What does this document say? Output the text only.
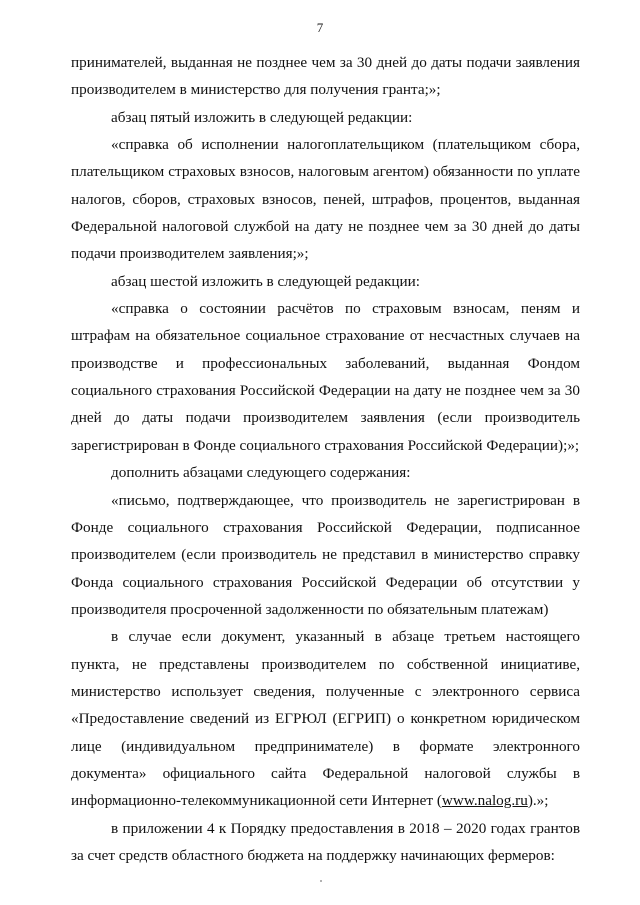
7

принимателей, выданная не позднее чем за 30 дней до даты подачи заявления производителем в министерство для получения гранта;»;

абзац пятый изложить в следующей редакции:

«справка об исполнении налогоплательщиком (плательщиком сбора, плательщиком страховых взносов, налоговым агентом) обязанности по уплате налогов, сборов, страховых взносов, пеней, штрафов, процентов, выданная Федеральной налоговой службой на дату не позднее чем за 30 дней до даты подачи производителем заявления;»;

абзац шестой изложить в следующей редакции:

«справка о состоянии расчётов по страховым взносам, пеням и штрафам на обязательное социальное страхование от несчастных случаев на производстве и профессиональных заболеваний, выданная Фондом социального страхования Российской Федерации на дату не позднее чем за 30 дней до даты подачи производителем заявления (если производитель зарегистрирован в Фонде социального страхования Российской Федерации);»;

дополнить абзацами следующего содержания:

«письмо, подтверждающее, что производитель не зарегистрирован в Фонде социального страхования Российской Федерации, подписанное производителем (если производитель не представил в министерство справку Фонда социального страхования Российской Федерации об отсутствии у производителя просроченной задолженности по обязательным платежам)

в случае если документ, указанный в абзаце третьем настоящего пункта, не представлены производителем по собственной инициативе, министерство использует сведения, полученные с электронного сервиса «Предоставление сведений из ЕГРЮЛ (ЕГРИП) о конкретном юридическом лице (индивидуальном предпринимателе) в формате электронного документа» официального сайта Федеральной налоговой службы в информационно-телекоммуникационной сети Интернет (www.nalog.ru).»;

в приложении 4 к Порядку предоставления в 2018 – 2020 годах грантов за счет средств областного бюджета на поддержку начинающих фермеров:
